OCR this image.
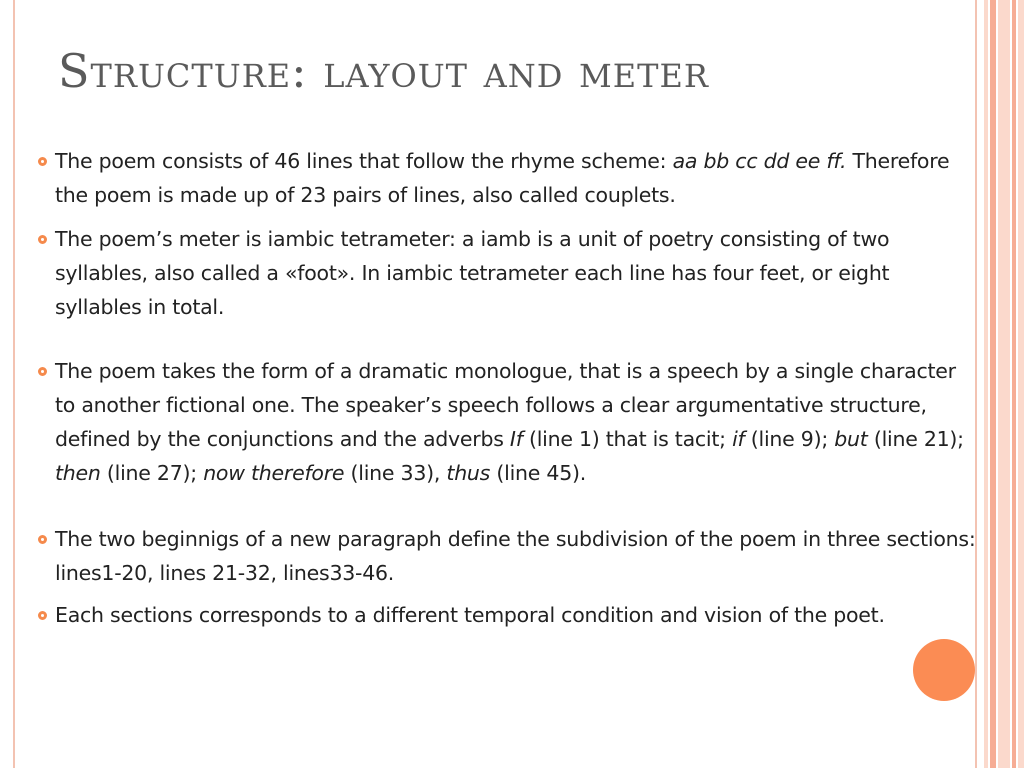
Structure: layout and meter

The poem consists of 46 lines that follow the rhyme scheme: aa bb cc dd ee ff. Therefore the poem is made up of 23 pairs of lines, also called couplets.

The poem’s meter is iambic tetrameter: a iamb is a unit of poetry consisting of two syllables, also called a «foot». In iambic tetrameter each line has four feet, or eight syllables in total.

The poem takes the form of a dramatic monologue, that is a speech by a single character to another fictional one. The speaker’s speech follows a clear argumentative structure, defined by the conjunctions and the adverbs If (line 1) that is tacit; if (line 9); but (line 21); then (line 27); now therefore (line 33), thus (line 45).

The two beginnigs of a new paragraph define the subdivision of the poem in three sections: lines1-20, lines 21-32, lines33-46.

Each sections corresponds to a different temporal condition and vision of the poet.
